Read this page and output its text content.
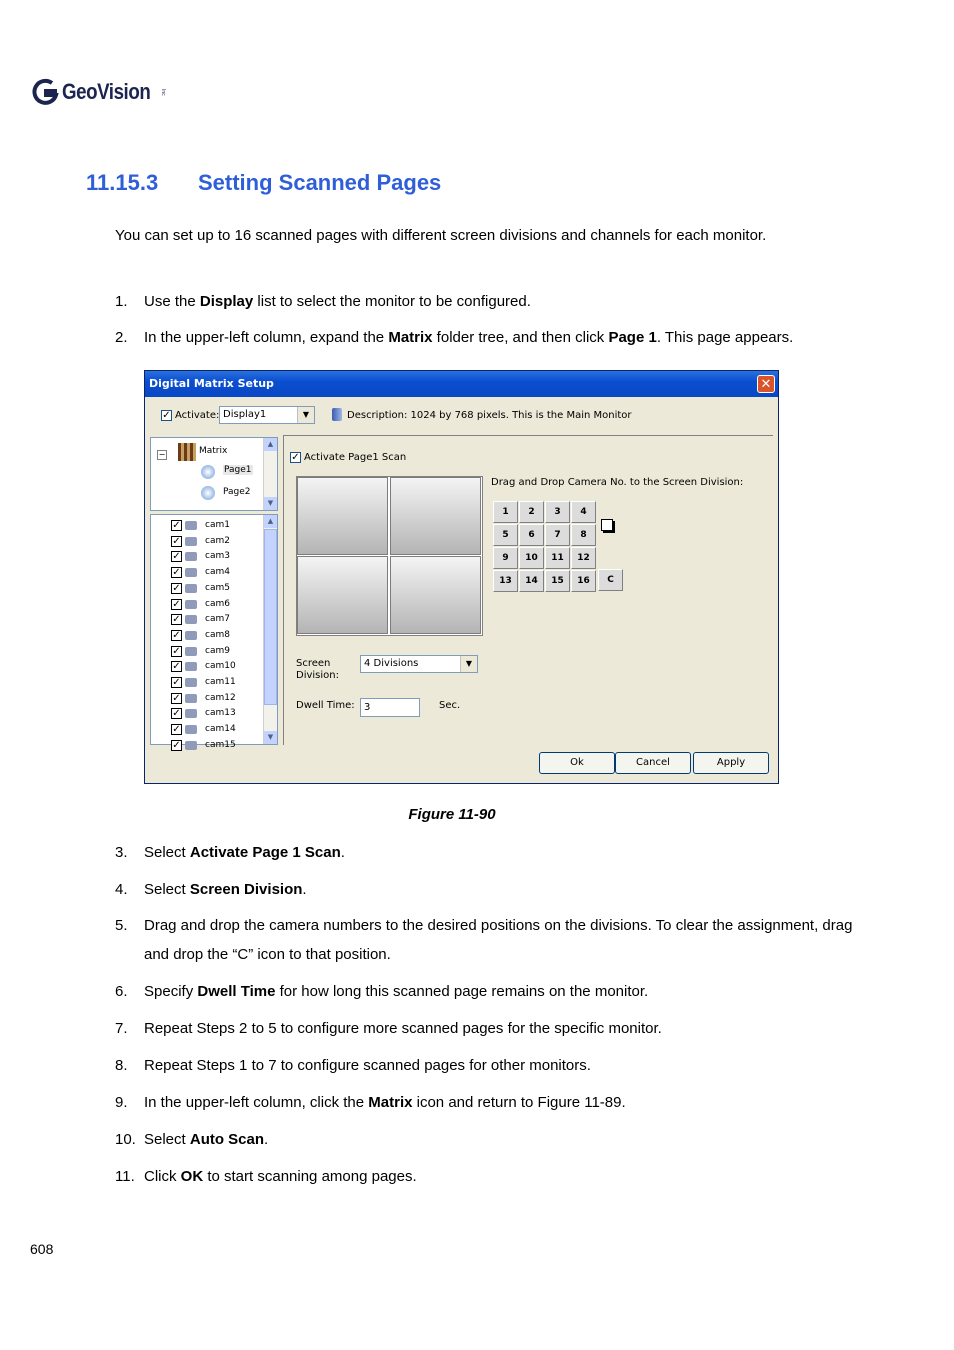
GeoVision Inc
11.15.3 Setting Scanned Pages
You can set up to 16 scanned pages with different screen divisions and channels for each monitor.
1. Use the Display list to select the monitor to be configured.
2. In the upper-left column, expand the Matrix folder tree, and then click Page 1. This page appears.
Digital Matrix Setup	✕
✓ Activate: Display1	▼	Description: 1024 by 768 pixels. This is the Main Monitor
−	Matrix
Page1
Page2
▲
▼
✓	cam1
✓	cam2
✓	cam3
✓	cam4
✓	cam5
✓	cam6
✓	cam7
✓	cam8
✓	cam9
✓	cam10
✓	cam11
✓	cam12
✓	cam13
✓	cam14
✓	cam15
▲
▼
✓ Activate Page1 Scan
Drag and Drop Camera No. to the Screen Division:
1	2	3	4
5	6	7	8
9	10	11	12
13	14	15	16	C
Screen
Division:
4 Divisions	▼
Dwell Time: 3	Sec.
Ok	Cancel	Apply
Figure 11-90
3. Select Activate Page 1 Scan.
4. Select Screen Division.
5. Drag and drop the camera numbers to the desired positions on the divisions. To clear the assignment, drag and drop the “C” icon to that position.
6. Specify Dwell Time for how long this scanned page remains on the monitor.
7. Repeat Steps 2 to 5 to configure more scanned pages for the specific monitor.
8. Repeat Steps 1 to 7 to configure scanned pages for other monitors.
9. In the upper-left column, click the Matrix icon and return to Figure 11-89.
10. Select Auto Scan.
11. Click OK to start scanning among pages.
608
